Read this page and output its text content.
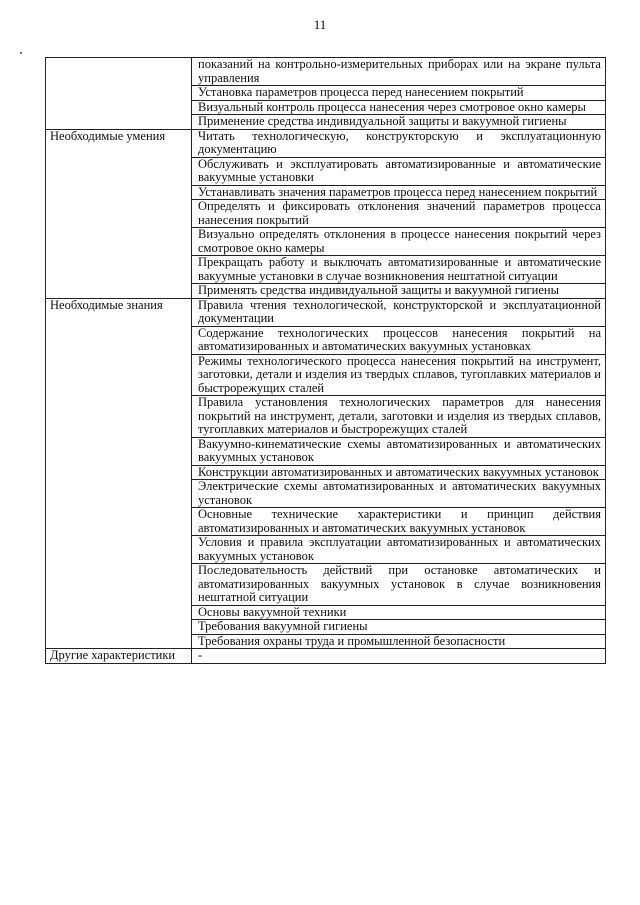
11
	показаний на контрольно-измерительных приборах или на экране пульта управления
	Установка параметров процесса перед нанесением покрытий
	Визуальный контроль процесса нанесения через смотровое окно камеры
	Применение средства индивидуальной защиты и вакуумной гигиены
Необходимые умения	Читать технологическую, конструкторскую и эксплуатационную документацию
	Обслуживать и эксплуатировать автоматизированные и автоматические вакуумные установки
	Устанавливать значения параметров процесса перед нанесением покрытий
	Определять и фиксировать отклонения значений параметров процесса нанесения покрытий
	Визуально определять отклонения в процессе нанесения покрытий через смотровое окно камеры
	Прекращать работу и выключать автоматизированные и автоматические вакуумные установки в случае возникновения нештатной ситуации
	Применять средства индивидуальной защиты и вакуумной гигиены
Необходимые знания	Правила чтения технологической, конструкторской и эксплуатационной документации
	Содержание технологических процессов нанесения покрытий на автоматизированных и автоматических вакуумных установках
	Режимы технологического процесса нанесения покрытий на инструмент, заготовки, детали и изделия из твердых сплавов, тугоплавких материалов и быстрорежущих сталей
	Правила установления технологических параметров для нанесения покрытий на инструмент, детали, заготовки и изделия из твердых сплавов, тугоплавких материалов и быстрорежущих сталей
	Вакуумно-кинематические схемы автоматизированных и автоматических вакуумных установок
	Конструкции автоматизированных и автоматических вакуумных установок
	Электрические схемы автоматизированных и автоматических вакуумных установок
	Основные технические характеристики и принцип действия автоматизированных и автоматических вакуумных установок
	Условия и правила эксплуатации автоматизированных и автоматических вакуумных установок
	Последовательность действий при остановке автоматических и автоматизированных вакуумных установок в случае возникновения нештатной ситуации
	Основы вакуумной техники
	Требования вакуумной гигиены
	Требования охраны труда и промышленной безопасности
Другие характеристики	-
